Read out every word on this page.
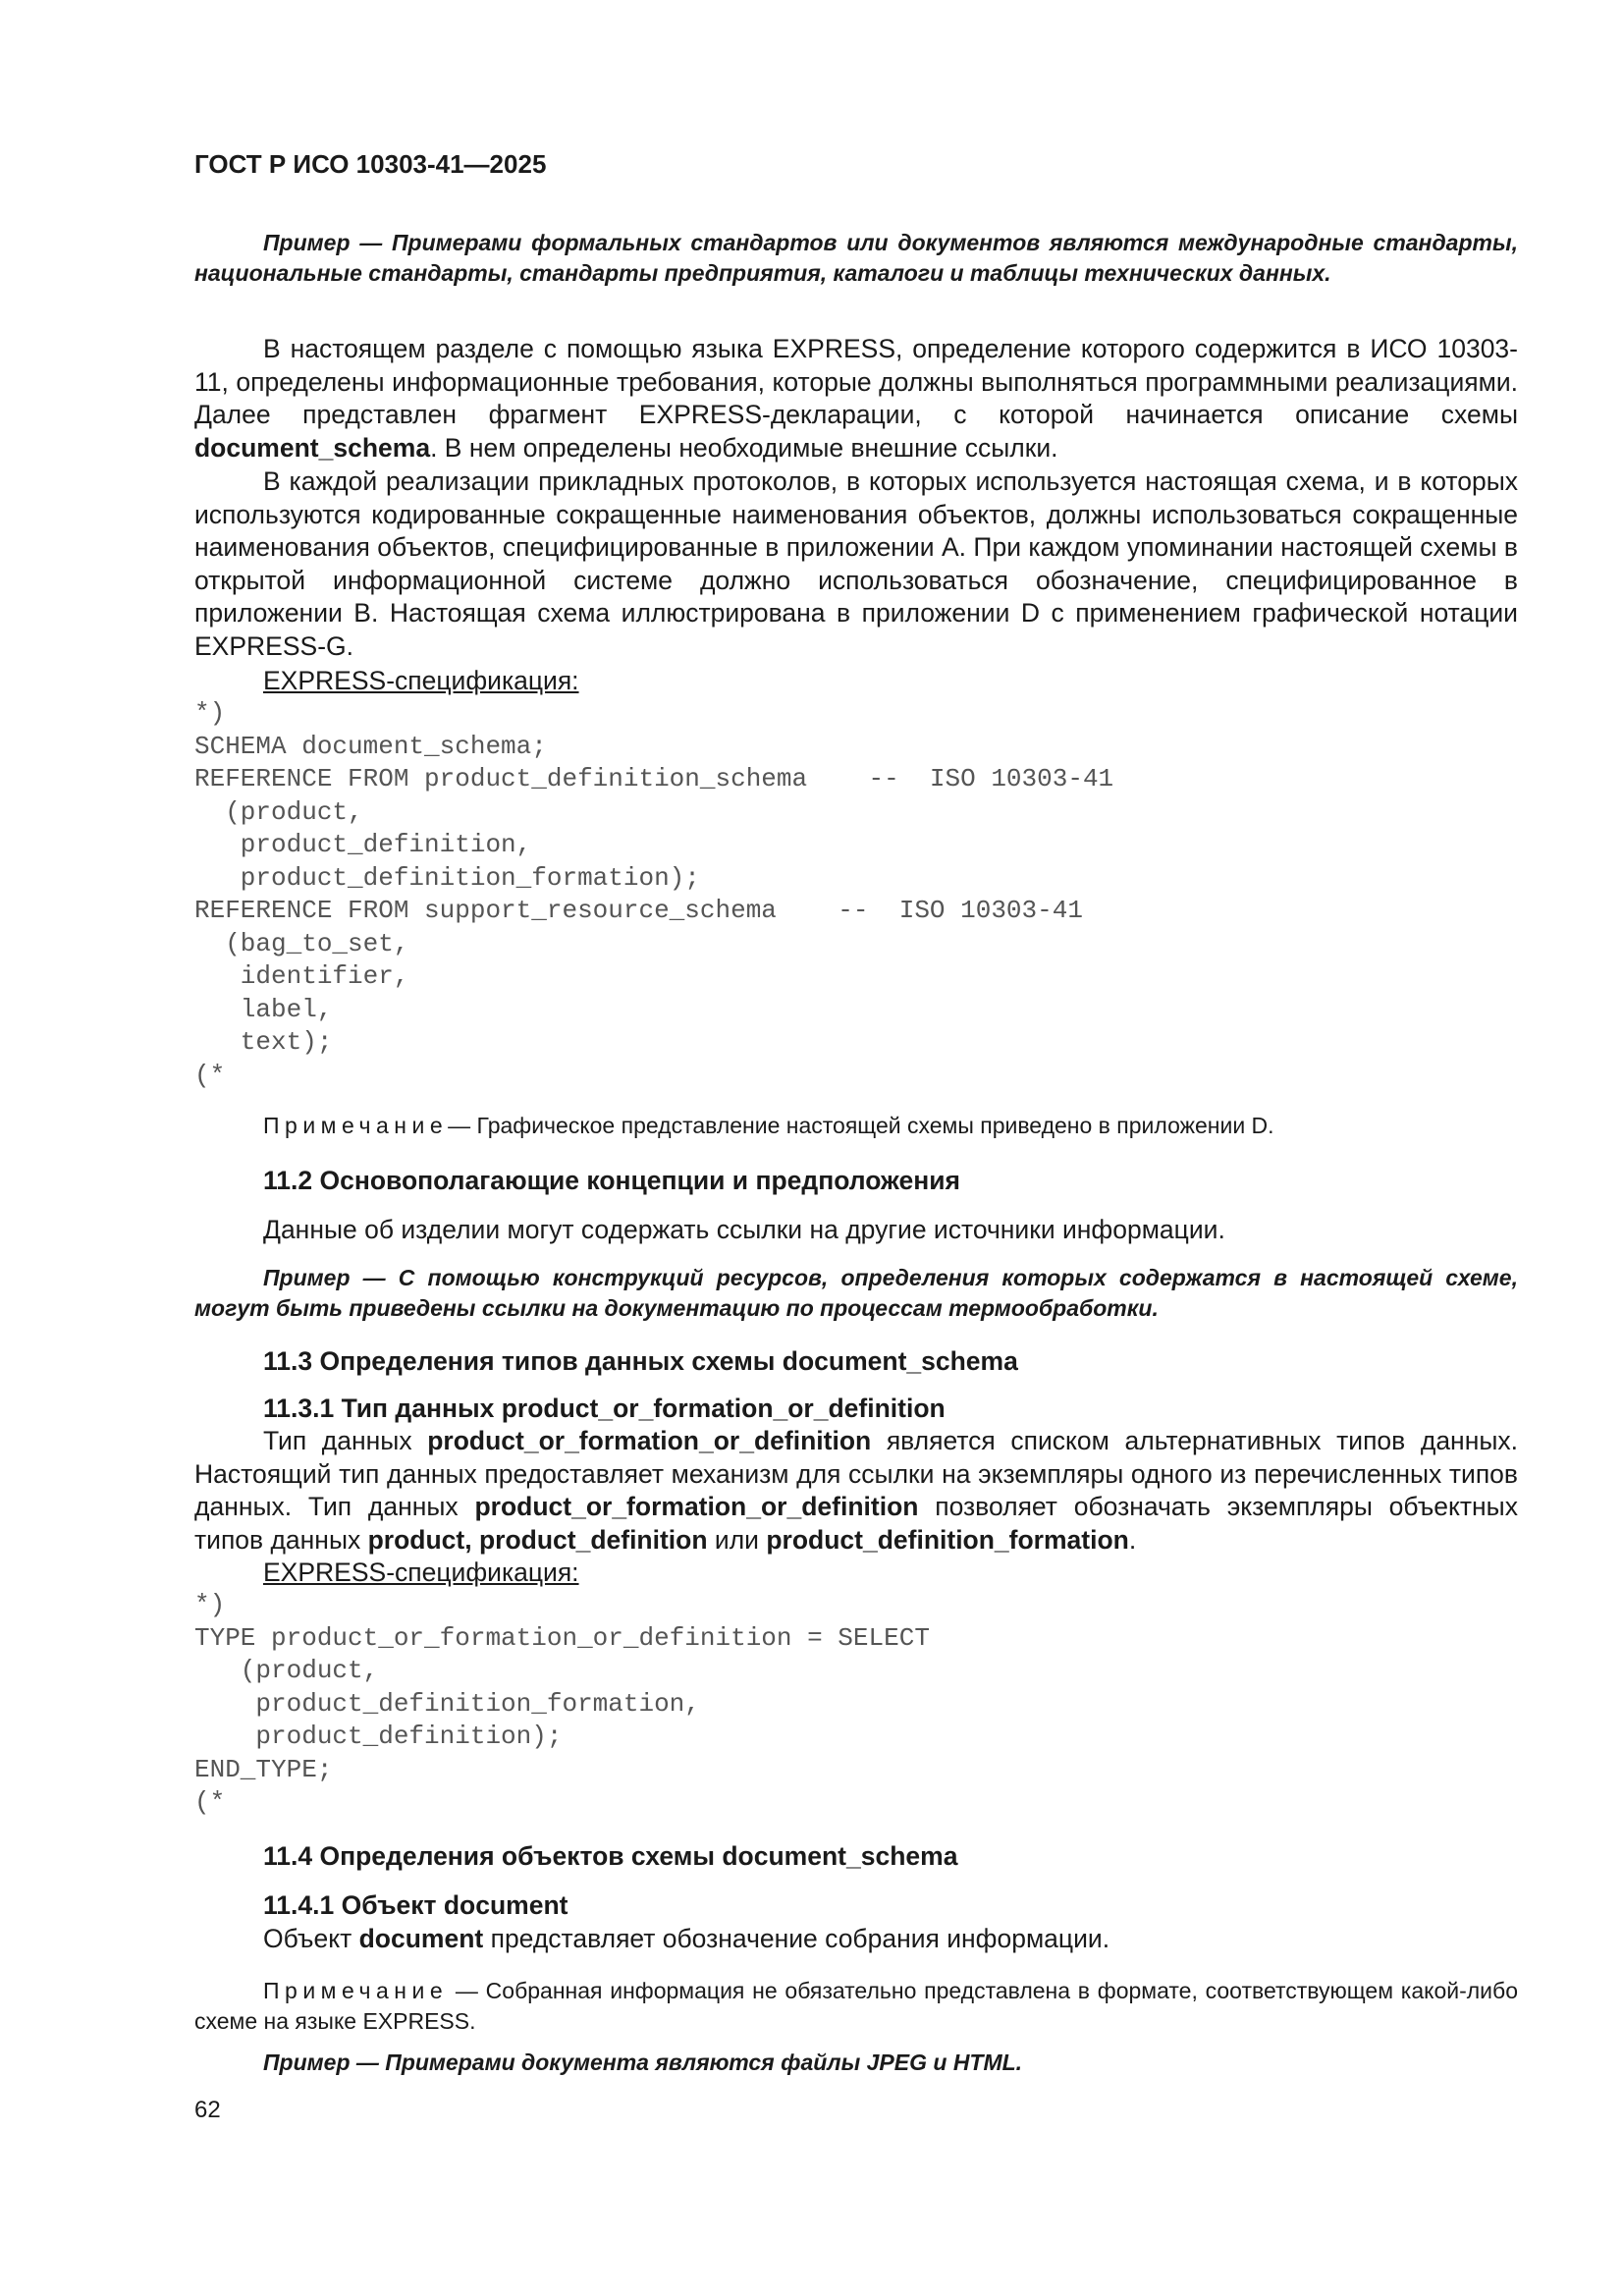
ГОСТ Р ИСО 10303-41—2025
Пример — Примерами формальных стандартов или документов являются международные стандарты, национальные стандарты, стандарты предприятия, каталоги и таблицы технических данных.
В настоящем разделе с помощью языка EXPRESS, определение которого содержится в ИСО 10303-11, определены информационные требования, которые должны выполняться программными реализациями. Далее представлен фрагмент EXPRESS-декларации, с которой начинается описание схемы document_schema. В нем определены необходимые внешние ссылки.
В каждой реализации прикладных протоколов, в которых используется настоящая схема, и в которых используются кодированные сокращенные наименования объектов, должны использоваться сокращенные наименования объектов, специфицированные в приложении A. При каждом упоминании настоящей схемы в открытой информационной системе должно использоваться обозначение, специфицированное в приложении B. Настоящая схема иллюстрирована в приложении D с применением графической нотации EXPRESS-G.
EXPRESS-спецификация:
*)
SCHEMA document_schema;
REFERENCE FROM product_definition_schema    --  ISO 10303-41
(product,
product_definition,
product_definition_formation);
REFERENCE FROM support_resource_schema    --  ISO 10303-41
(bag_to_set,
identifier,
label,
text);
(*
Примечание— Графическое представление настоящей схемы приведено в приложении D.
11.2 Основополагающие концепции и предположения
Данные об изделии могут содержать ссылки на другие источники информации.
Пример — С помощью конструкций ресурсов, определения которых содержатся в настоящей схеме, могут быть приведены ссылки на документацию по процессам термообработки.
11.3 Определения типов данных схемы document_schema
11.3.1 Тип данных product_or_formation_or_definition
Тип данных product_or_formation_or_definition является списком альтернативных типов данных. Настоящий тип данных предоставляет механизм для ссылки на экземпляры одного из перечисленных типов данных. Тип данных product_or_formation_or_definition позволяет обозначать экземпляры объектных типов данных product, product_definition или product_definition_formation.
EXPRESS-спецификация:
*)
TYPE product_or_formation_or_definition = SELECT
(product,
product_definition_formation,
product_definition);
END_TYPE;
(*
11.4 Определения объектов схемы document_schema
11.4.1 Объект document
Объект document представляет обозначение собрания информации.
Примечание — Собранная информация не обязательно представлена в формате, соответствующем какой-либо схеме на языке EXPRESS.
Пример — Примерами документа являются файлы JPEG и HTML.
62
